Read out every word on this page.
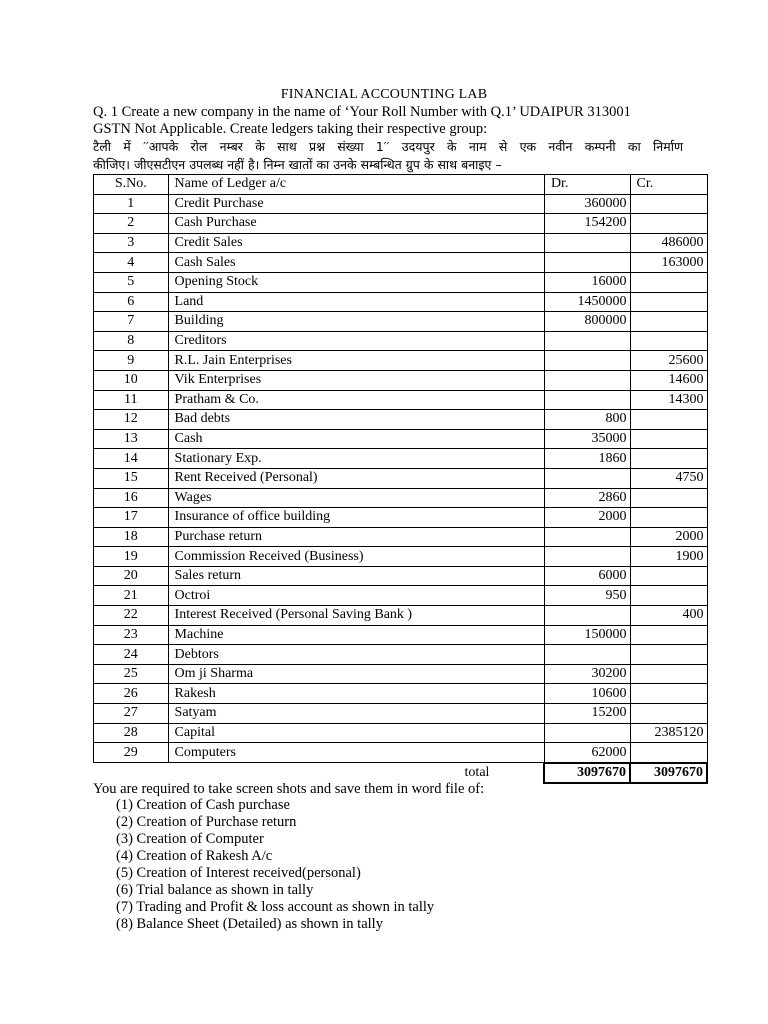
FINANCIAL ACCOUNTING LAB
Q. 1 Create a new company in the name of ‘Your Roll Number with Q.1’ UDAIPUR 313001
GSTN Not Applicable. Create ledgers taking their respective group:
टैली में ′′आपके रोल नम्बर के साथ प्रश्न संख्या 1′′ उदयपुर के नाम से एक नवीन कम्पनी का निर्माण
कीजिए। जीएसटीएन उपलब्ध नहीं है। निम्न खातों का उनके सम्बन्धित ग्रुप के साथ बनाइए –
S.No.	Name of Ledger a/c	Dr.	Cr.
1	Credit Purchase	360000	
2	Cash Purchase	154200	
3	Credit Sales		486000
4	Cash Sales		163000
5	Opening Stock	16000	
6	Land	1450000	
7	Building	800000	
8	Creditors		
9	R.L. Jain Enterprises		25600
10	Vik Enterprises		14600
11	Pratham & Co.		14300
12	Bad debts	800	
13	Cash	35000	
14	Stationary Exp.	1860	
15	Rent Received (Personal)		4750
16	Wages	2860	
17	Insurance of office building	2000	
18	Purchase return		2000
19	Commission Received (Business)		1900
20	Sales return	6000	
21	Octroi	950	
22	Interest Received (Personal Saving Bank )		400
23	Machine	150000	
24	Debtors		
25	Om ji Sharma	30200	
26	Rakesh	10600	
27	Satyam	15200	
28	Capital		2385120
29	Computers	62000	
	total	3097670	3097670
You are required to take screen shots and save them in word file of:
(1) Creation of Cash purchase
(2) Creation of Purchase return
(3) Creation of Computer
(4) Creation of Rakesh A/c
(5) Creation of Interest received(personal)
(6) Trial balance as shown in tally
(7) Trading and Profit & loss account as shown in tally
(8) Balance Sheet (Detailed) as shown in tally
